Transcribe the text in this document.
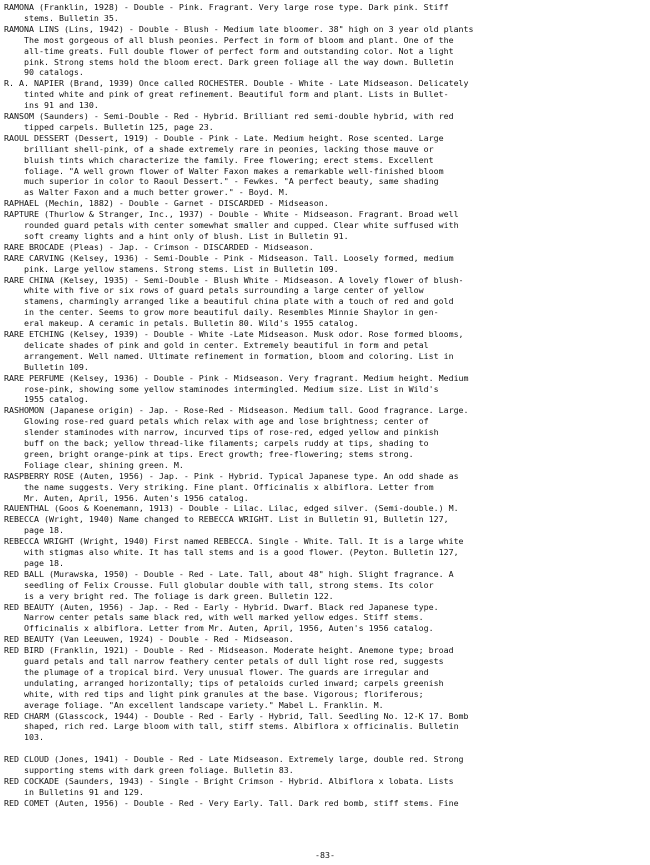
RAMONA (Franklin, 1928) - Double - Pink. Fragrant. Very large rose type. Dark pink. Stiff
stems. Bulletin 35.
RAMONA LINS (Lins, 1942) - Double - Blush - Medium late bloomer. 38" high on 3 year old plants
The most gorgeous of all blush peonies. Perfect in form of bloom and plant. One of the
all-time greats. Full double flower of perfect form and outstanding color. Not a light
pink. Strong stems hold the bloom erect. Dark green foliage all the way down. Bulletin
90 catalogs.
R. A. NAPIER (Brand, 1939) Once called ROCHESTER. Double - White - Late Midseason. Delicately
tinted white and pink of great refinement. Beautiful form and plant. Lists in Bullet-
ins 91 and 130.
RANSOM (Saunders) - Semi-Double - Red - Hybrid. Brilliant red semi-double hybrid, with red
tipped carpels. Bulletin 125, page 23.
RAOUL DESSERT (Dessert, 1919) - Double - Pink - Late. Medium height. Rose scented. Large
brilliant shell-pink, of a shade extremely rare in peonies, lacking those mauve or
bluish tints which characterize the family. Free flowering; erect stems. Excellent
foliage. "A well grown flower of Walter Faxon makes a remarkable well-finished bloom
much superior in color to Raoul Dessert." - Fewkes. "A perfect beauty, same shading
as Walter Faxon and a much better grower." - Boyd. M.
RAPHAEL (Mechin, 1882) - Double - Garnet - DISCARDED - Midseason.
RAPTURE (Thurlow & Stranger, Inc., 1937) - Double - White - Midseason. Fragrant. Broad well
rounded guard petals with center somewhat smaller and cupped. Clear white suffused with
soft creamy lights and a hint only of blush. List in Bulletin 91.
RARE BROCADE (Pleas) - Jap. - Crimson - DISCARDED - Midseason.
RARE CARVING (Kelsey, 1936) - Semi-Double - Pink - Midseason. Tall. Loosely formed, medium
pink. Large yellow stamens. Strong stems. List in Bulletin 109.
RARE CHINA (Kelsey, 1935) - Semi-Double - Blush White - Midseason. A lovely flower of blush-
white with five or six rows of guard petals surrounding a large center of yellow
stamens, charmingly arranged like a beautiful china plate with a touch of red and gold
in the center. Seems to grow more beautiful daily. Resembles Minnie Shaylor in gen-
eral makeup. A ceramic in petals. Bulletin 80. Wild's 1955 catalog.
RARE ETCHING (Kelsey, 1939) - Double - White -Late Midseason. Musk odor. Rose formed blooms,
delicate shades of pink and gold in center. Extremely beautiful in form and petal
arrangement. Well named. Ultimate refinement in formation, bloom and coloring. List in
Bulletin 109.
RARE PERFUME (Kelsey, 1936) - Double - Pink - Midseason. Very fragrant. Medium height. Medium
rose-pink, showing some yellow staminodes intermingled. Medium size. List in Wild's
1955 catalog.
RASHOMON (Japanese origin) - Jap. - Rose-Red - Midseason. Medium tall. Good fragrance. Large.
Glowing rose-red guard petals which relax with age and lose brightness; center of
slender staminodes with narrow, incurved tips of rose-red, edged yellow and pinkish
buff on the back; yellow thread-like filaments; carpels ruddy at tips, shading to
green, bright orange-pink at tips. Erect growth; free-flowering; stems strong.
Foliage clear, shining green. M.
RASPBERRY ROSE (Auten, 1956) - Jap. - Pink - Hybrid. Typical Japanese type. An odd shade as
the name suggests. Very striking. Fine plant. Officinalis x albiflora. Letter from
Mr. Auten, April, 1956. Auten's 1956 catalog.
RAUENTHAL (Goos & Koenemann, 1913) - Double - Lilac. Lilac, edged silver. (Semi-double.) M.
REBECCA (Wright, 1940) Name changed to REBECCA WRIGHT. List in Bulletin 91, Bulletin 127,
page 18.
REBECCA WRIGHT (Wright, 1940) First named REBECCA. Single - White. Tall. It is a large white
with stigmas also white. It has tall stems and is a good flower. (Peyton. Bulletin 127,
page 18.
RED BALL (Murawska, 1950) - Double - Red - Late. Tall, about 48" high. Slight fragrance. A
seedling of Felix Crousse. Full globular double with tall, strong stems. Its color
is a very bright red. The foliage is dark green. Bulletin 122.
RED BEAUTY (Auten, 1956) - Jap. - Red - Early - Hybrid. Dwarf. Black red Japanese type.
Narrow center petals same black red, with well marked yellow edges. Stiff stems.
Officinalis x albiflora. Letter from Mr. Auten, April, 1956, Auten's 1956 catalog.
RED BEAUTY (Van Leeuwen, 1924) - Double - Red - Midseason.
RED BIRD (Franklin, 1921) - Double - Red - Midseason. Moderate height. Anemone type; broad
guard petals and tall narrow feathery center petals of dull light rose red, suggests
the plumage of a tropical bird. Very unusual flower. The guards are irregular and
undulating, arranged horizontally; tips of petaloids curled inward; carpels greenish
white, with red tips and light pink granules at the base. Vigorous; floriferous;
average foliage. "An excellent landscape variety." Mabel L. Franklin. M.
RED CHARM (Glasscock, 1944) - Double - Red - Early - Hybrid, Tall. Seedling No. 12-K 17. Bomb
shaped, rich red. Large bloom with tall, stiff stems. Albiflora x officinalis. Bulletin
103.
RED CLOUD (Jones, 1941) - Double - Red - Late Midseason. Extremely large, double red. Strong
supporting stems with dark green foliage. Bulletin 83.
RED COCKADE (Saunders, 1943) - Single - Bright Crimson - Hybrid. Albiflora x lobata. Lists
in Bulletins 91 and 129.
RED COMET (Auten, 1956) - Double - Red - Very Early. Tall. Dark red bomb, stiff stems. Fine
-83-
